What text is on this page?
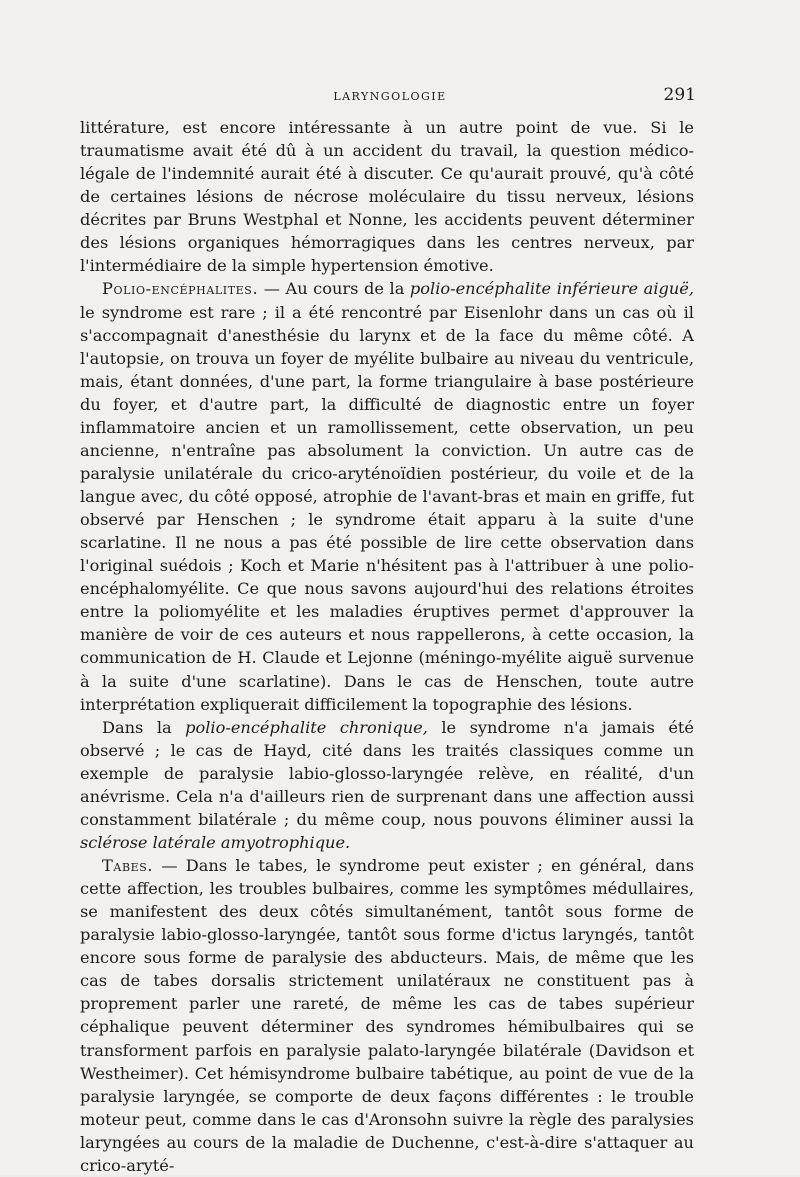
LARYNGOLOGIE	291

littérature, est encore intéressante à un autre point de vue. Si le traumatisme avait été dû à un accident du travail, la question médico-légale de l'indemnité aurait été à discuter. Ce qu'aurait prouvé, qu'à côté de certaines lésions de nécrose moléculaire du tissu nerveux, lésions décrites par Bruns Westphal et Nonne, les accidents peuvent déterminer des lésions organiques hémorragiques dans les centres nerveux, par l'intermédiaire de la simple hypertension émotive.

Polio-encéphalites. — Au cours de la polio-encéphalite inférieure aiguë, le syndrome est rare ; il a été rencontré par Eisenlohr dans un cas où il s'accompagnait d'anesthésie du larynx et de la face du même côté. A l'autopsie, on trouva un foyer de myélite bulbaire au niveau du ventricule, mais, étant données, d'une part, la forme triangulaire à base postérieure du foyer, et d'autre part, la difficulté de diagnostic entre un foyer inflammatoire ancien et un ramollissement, cette observation, un peu ancienne, n'entraîne pas absolument la conviction. Un autre cas de paralysie unilatérale du crico-aryténoïdien postérieur, du voile et de la langue avec, du côté opposé, atrophie de l'avant-bras et main en griffe, fut observé par Henschen ; le syndrome était apparu à la suite d'une scarlatine. Il ne nous a pas été possible de lire cette observation dans l'original suédois ; Koch et Marie n'hésitent pas à l'attribuer à une polio-encéphalomyélite. Ce que nous savons aujourd'hui des relations étroites entre la poliomyélite et les maladies éruptives permet d'approuver la manière de voir de ces auteurs et nous rappellerons, à cette occasion, la communication de H. Claude et Lejonne (méningo-myélite aiguë survenue à la suite d'une scarlatine). Dans le cas de Henschen, toute autre interprétation expliquerait difficilement la topographie des lésions.

Dans la polio-encéphalite chronique, le syndrome n'a jamais été observé ; le cas de Hayd, cité dans les traités classiques comme un exemple de paralysie labio-glosso-laryngée relève, en réalité, d'un anévrisme. Cela n'a d'ailleurs rien de surprenant dans une affection aussi constamment bilatérale ; du même coup, nous pouvons éliminer aussi la sclérose latérale amyotrophique.

Tabes. — Dans le tabes, le syndrome peut exister ; en général, dans cette affection, les troubles bulbaires, comme les symptômes médullaires, se manifestent des deux côtés simultanément, tantôt sous forme de paralysie labio-glosso-laryngée, tantôt sous forme d'ictus laryngés, tantôt encore sous forme de paralysie des abducteurs. Mais, de même que les cas de tabes dorsalis strictement unilatéraux ne constituent pas à proprement parler une rareté, de même les cas de tabes supérieur céphalique peuvent déterminer des syndromes hémibulbaires qui se transforment parfois en paralysie palato-laryngée bilatérale (Davidson et Westheimer). Cet hémisyndrome bulbaire tabétique, au point de vue de la paralysie laryngée, se comporte de deux façons différentes : le trouble moteur peut, comme dans le cas d'Aronsohn suivre la règle des paralysies laryngées au cours de la maladie de Duchenne, c'est-à-dire s'attaquer au crico-aryté-
